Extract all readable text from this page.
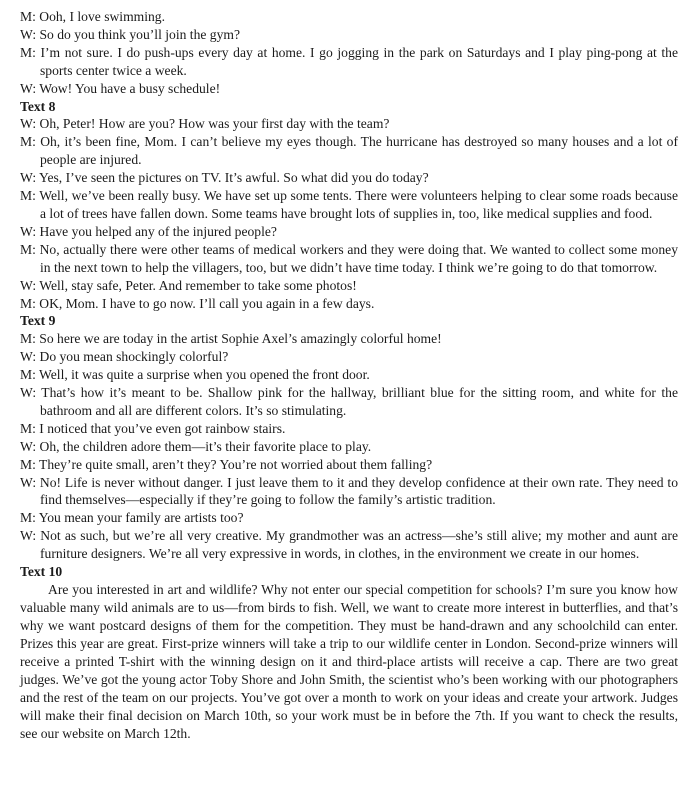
M: Ooh, I love swimming.
W: So do you think you’ll join the gym?
M: I’m not sure. I do push-ups every day at home. I go jogging in the park on Saturdays and I play ping-pong at the sports center twice a week.
W: Wow! You have a busy schedule!
Text 8
W: Oh, Peter! How are you? How was your first day with the team?
M: Oh, it’s been fine, Mom. I can’t believe my eyes though. The hurricane has destroyed so many houses and a lot of people are injured.
W: Yes, I’ve seen the pictures on TV. It’s awful. So what did you do today?
M: Well, we’ve been really busy. We have set up some tents. There were volunteers helping to clear some roads because a lot of trees have fallen down. Some teams have brought lots of supplies in, too, like medical supplies and food.
W: Have you helped any of the injured people?
M: No, actually there were other teams of medical workers and they were doing that. We wanted to collect some money in the next town to help the villagers, too, but we didn’t have time today. I think we’re going to do that tomorrow.
W: Well, stay safe, Peter. And remember to take some photos!
M: OK, Mom. I have to go now. I’ll call you again in a few days.
Text 9
M: So here we are today in the artist Sophie Axel’s amazingly colorful home!
W: Do you mean shockingly colorful?
M: Well, it was quite a surprise when you opened the front door.
W: That’s how it’s meant to be. Shallow pink for the hallway, brilliant blue for the sitting room, and white for the bathroom and all are different colors. It’s so stimulating.
M: I noticed that you’ve even got rainbow stairs.
W: Oh, the children adore them—it’s their favorite place to play.
M: They’re quite small, aren’t they? You’re not worried about them falling?
W: No! Life is never without danger. I just leave them to it and they develop confidence at their own rate. They need to find themselves—especially if they’re going to follow the family’s artistic tradition.
M: You mean your family are artists too?
W: Not as such, but we’re all very creative. My grandmother was an actress—she’s still alive; my mother and aunt are furniture designers. We’re all very expressive in words, in clothes, in the environment we create in our homes.
Text 10
Are you interested in art and wildlife? Why not enter our special competition for schools? I’m sure you know how valuable many wild animals are to us—from birds to fish. Well, we want to create more interest in butterflies, and that’s why we want postcard designs of them for the competition. They must be hand-drawn and any schoolchild can enter. Prizes this year are great. First-prize winners will take a trip to our wildlife center in London. Second-prize winners will receive a printed T-shirt with the winning design on it and third-place artists will receive a cap. There are two great judges. We’ve got the young actor Toby Shore and John Smith, the scientist who’s been working with our photographers and the rest of the team on our projects. You’ve got over a month to work on your ideas and create your artwork. Judges will make their final decision on March 10th, so your work must be in before the 7th. If you want to check the results, see our website on March 12th.
